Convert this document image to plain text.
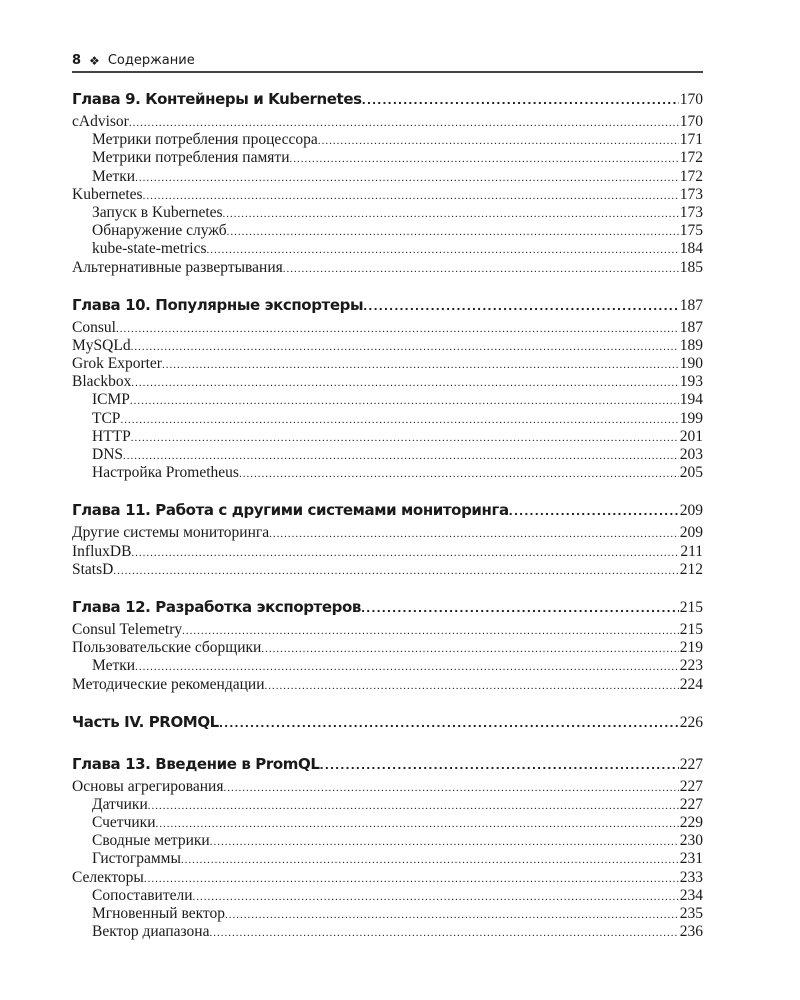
8 ❖ Содержание
Глава 9. Контейнеры и Kubernetes .....	170
cAdvisor .....	170
Метрики потребления процессора .....	171
Метрики потребления памяти .....	172
Метки .....	172
Kubernetes .....	173
Запуск в Kubernetes .....	173
Обнаружение служб .....	175
kube-state-metrics .....	184
Альтернативные развертывания .....	185
Глава 10. Популярные экспортеры .....	187
Consul .....	187
MySQLd .....	189
Grok Exporter .....	190
Blackbox .....	193
ICMP .....	194
TCP .....	199
HTTP .....	201
DNS .....	203
Настройка Prometheus .....	205
Глава 11. Работа с другими системами мониторинга .....	209
Другие системы мониторинга .....	209
InfluxDB .....	211
StatsD .....	212
Глава 12. Разработка экспортеров .....	215
Consul Telemetry .....	215
Пользовательские сборщики .....	219
Метки .....	223
Методические рекомендации .....	224
Часть IV. PROMQL .....	226
Глава 13. Введение в PromQL .....	227
Основы агрегирования .....	227
Датчики .....	227
Счетчики .....	229
Сводные метрики .....	230
Гистограммы .....	231
Селекторы .....	233
Сопоставители .....	234
Мгновенный вектор .....	235
Вектор диапазона .....	236
